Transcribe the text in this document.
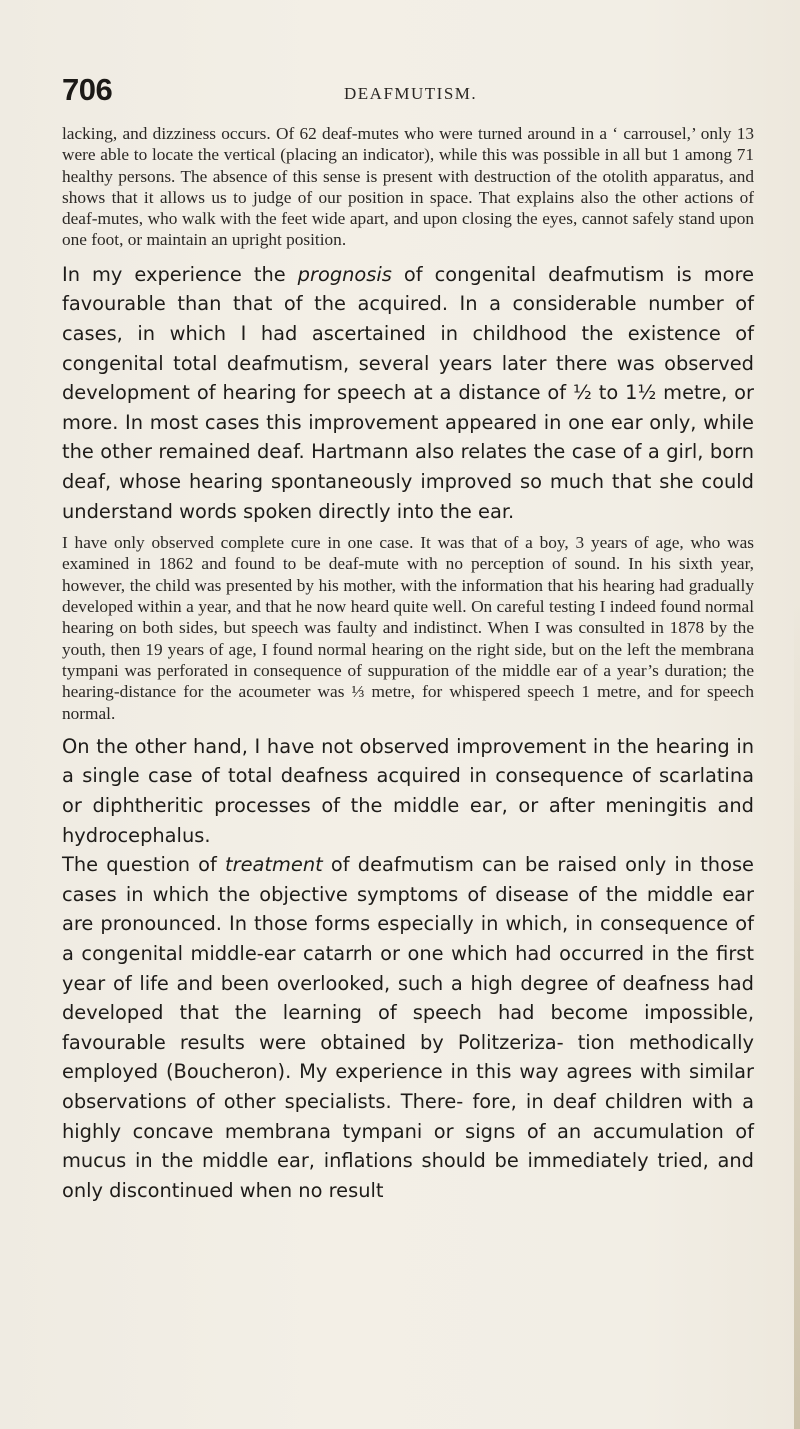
706	DEAFMUTISM.

lacking, and dizziness occurs. Of 62 deaf-mutes who were turned around in a ‘ carrousel,’ only 13 were able to locate the vertical (placing an indicator), while this was possible in all but 1 among 71 healthy persons. The absence of this sense is present with destruction of the otolith apparatus, and shows that it allows us to judge of our position in space. That explains also the other actions of deaf-mutes, who walk with the feet wide apart, and upon closing the eyes, cannot safely stand upon one foot, or maintain an upright position.

In my experience the prognosis of congenital deafmutism is more favourable than that of the acquired. In a considerable number of cases, in which I had ascertained in childhood the existence of congenital total deafmutism, several years later there was observed development of hearing for speech at a distance of ½ to 1½ metre, or more. In most cases this improvement appeared in one ear only, while the other remained deaf. Hartmann also relates the case of a girl, born deaf, whose hearing spontaneously improved so much that she could understand words spoken directly into the ear.

I have only observed complete cure in one case. It was that of a boy, 3 years of age, who was examined in 1862 and found to be deaf-mute with no perception of sound. In his sixth year, however, the child was presented by his mother, with the information that his hearing had gradually developed within a year, and that he now heard quite well. On careful testing I indeed found normal hearing on both sides, but speech was faulty and indistinct. When I was consulted in 1878 by the youth, then 19 years of age, I found normal hearing on the right side, but on the left the membrana tympani was perforated in consequence of suppuration of the middle ear of a year’s duration; the hearing-distance for the acoumeter was ⅓ metre, for whispered speech 1 metre, and for speech normal.

On the other hand, I have not observed improvement in the hearing in a single case of total deafness acquired in consequence of scarlatina or diphtheritic processes of the middle ear, or after meningitis and hydrocephalus.

The question of treatment of deafmutism can be raised only in those cases in which the objective symptoms of disease of the middle ear are pronounced. In those forms especially in which, in consequence of a congenital middle-ear catarrh or one which had occurred in the first year of life and been overlooked, such a high degree of deafness had developed that the learning of speech had become impossible, favourable results were obtained by Politzeriza- tion methodically employed (Boucheron). My experience in this way agrees with similar observations of other specialists. There- fore, in deaf children with a highly concave membrana tympani or signs of an accumulation of mucus in the middle ear, inflations should be immediately tried, and only discontinued when no result
